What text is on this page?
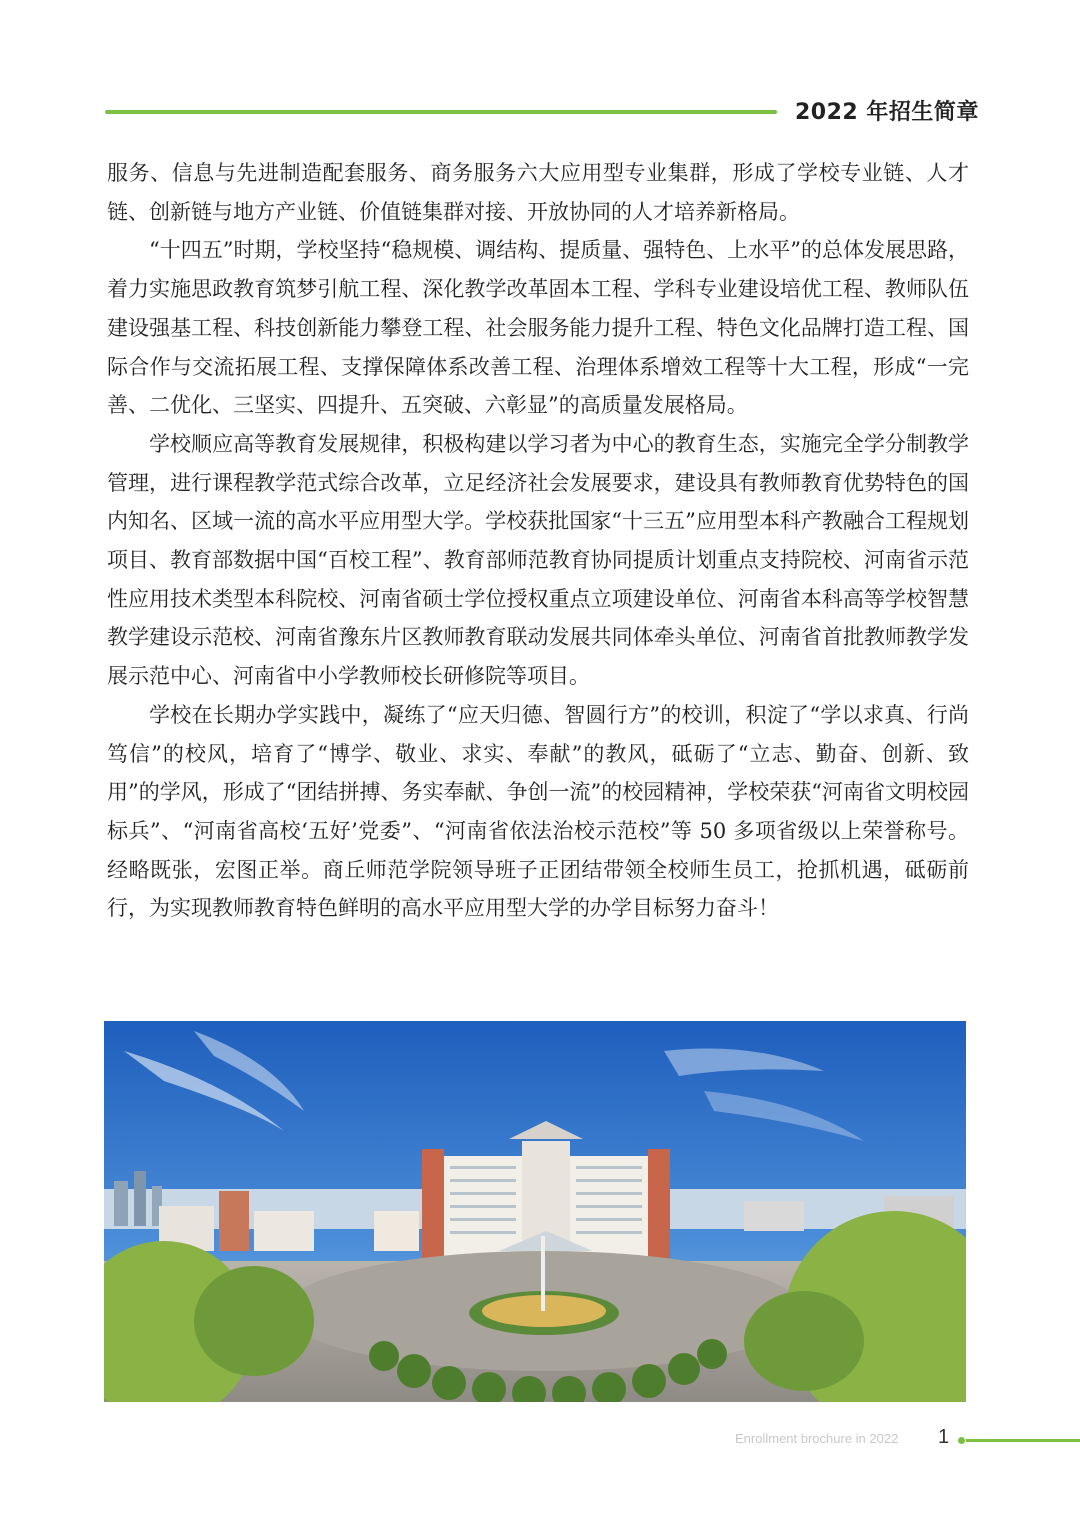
2022 年招生简章

服务、信息与先进制造配套服务、商务服务六大应用型专业集群，形成了学校专业链、人才链、创新链与地方产业链、价值链集群对接、开放协同的人才培养新格局。

“十四五”时期，学校坚持“稳规模、调结构、提质量、强特色、上水平”的总体发展思路，着力实施思政教育筑梦引航工程、深化教学改革固本工程、学科专业建设培优工程、教师队伍建设强基工程、科技创新能力攀登工程、社会服务能力提升工程、特色文化品牌打造工程、国际合作与交流拓展工程、支撑保障体系改善工程、治理体系增效工程等十大工程，形成“一完善、二优化、三坚实、四提升、五突破、六彰显”的高质量发展格局。

学校顺应高等教育发展规律，积极构建以学习者为中心的教育生态，实施完全学分制教学管理，进行课程教学范式综合改革，立足经济社会发展要求，建设具有教师教育优势特色的国内知名、区域一流的高水平应用型大学。学校获批国家“十三五”应用型本科产教融合工程规划项目、教育部数据中国“百校工程”、教育部师范教育协同提质计划重点支持院校、河南省示范性应用技术类型本科院校、河南省硕士学位授权重点立项建设单位、河南省本科高等学校智慧教学建设示范校、河南省豫东片区教师教育联动发展共同体牵头单位、河南省首批教师教学发展示范中心、河南省中小学教师校长研修院等项目。

学校在长期办学实践中，凝练了“应天归德、智圆行方”的校训，积淀了“学以求真、行尚笃信”的校风，培育了“博学、敬业、求实、奉献”的教风，砥砺了“立志、勤奋、创新、致用”的学风，形成了“团结拼搏、务实奉献、争创一流”的校园精神，学校荣获“河南省文明校园标兵”、“河南省高校‘五好’党委”、“河南省依法治校示范校”等 50 多项省级以上荣誉称号。经略既张，宏图正举。商丘师范学院领导班子正团结带领全校师生员工，抢抓机遇，砥砺前行，为实现教师教育特色鲜明的高水平应用型大学的办学目标努力奋斗！

Enrollment brochure in 2022 1
